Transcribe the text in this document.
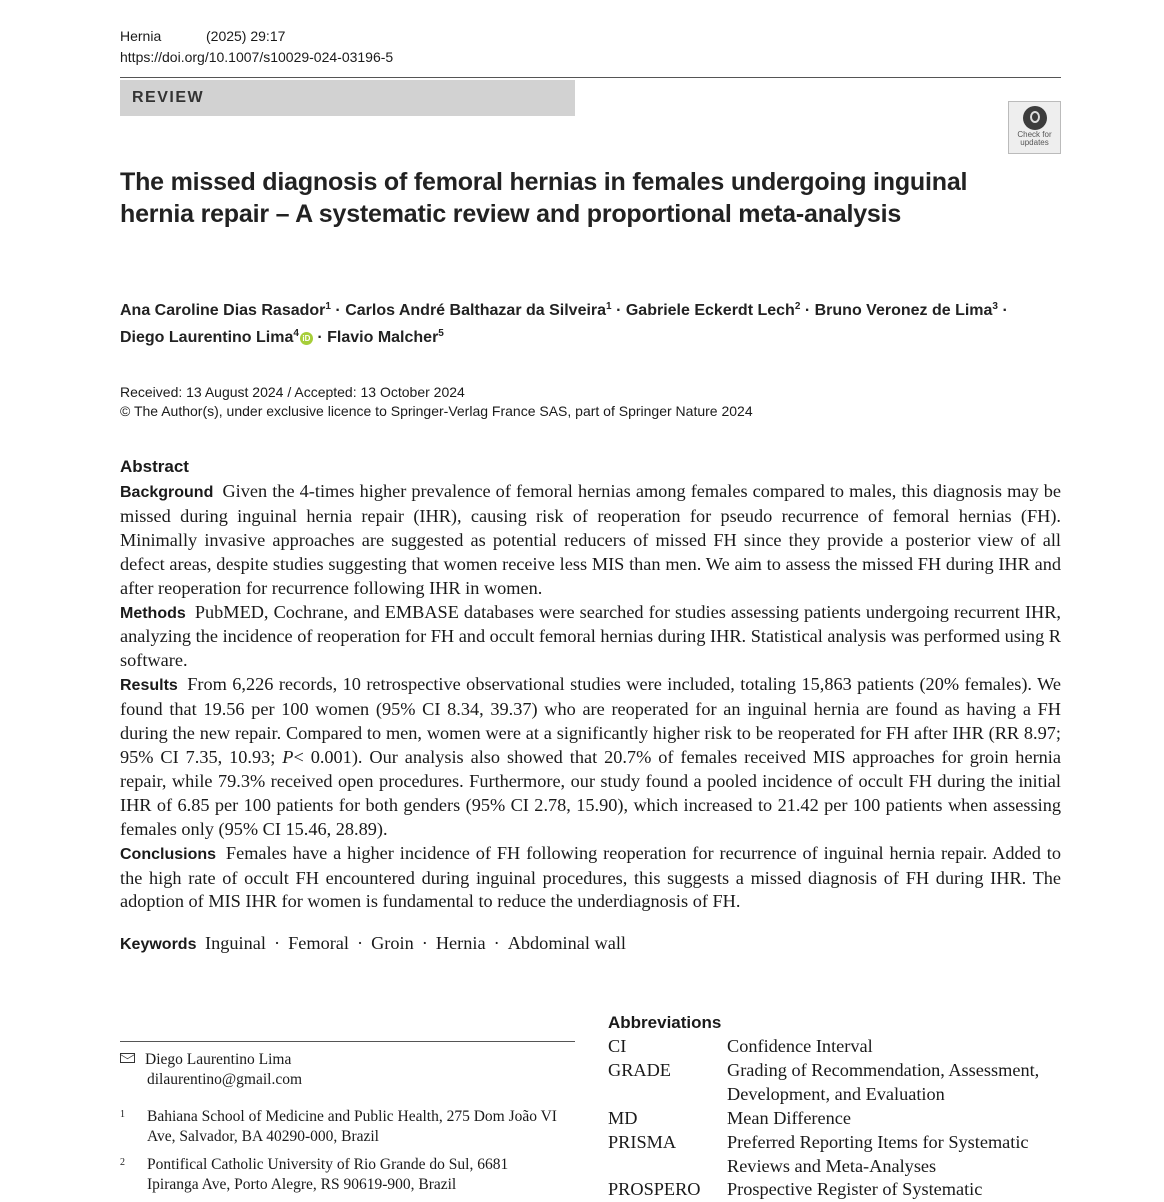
Hernia	(2025) 29:17
https://doi.org/10.1007/s10029-024-03196-5
REVIEW
Check for
updates
The missed diagnosis of femoral hernias in females undergoing inguinal hernia repair – A systematic review and proportional meta-analysis
Ana Caroline Dias Rasador$^1$ · Carlos André Balthazar da Silveira$^1$ · Gabriele Eckerdt Lech$^2$ · Bruno Veronez de Lima$^3$ ·
Diego Laurentino Lima$^4$ iD · Flavio Malcher$^5$
Received: 13 August 2024 / Accepted: 13 October 2024
© The Author(s), under exclusive licence to Springer-Verlag France SAS, part of Springer Nature 2024
Abstract

Background Given the 4-times higher prevalence of femoral hernias among females compared to males, this diagnosis may be missed during inguinal hernia repair (IHR), causing risk of reoperation for pseudo recurrence of femoral hernias (FH). Minimally invasive approaches are suggested as potential reducers of missed FH since they provide a posterior view of all defect areas, despite studies suggesting that women receive less MIS than men. We aim to assess the missed FH during IHR and after reoperation for recurrence following IHR in women.

Methods PubMED, Cochrane, and EMBASE databases were searched for studies assessing patients undergoing recurrent IHR, analyzing the incidence of reoperation for FH and occult femoral hernias during IHR. Statistical analysis was performed using R software.

Results From 6,226 records, 10 retrospective observational studies were included, totaling 15,863 patients (20% females). We found that 19.56 per 100 women (95% CI 8.34, 39.37) who are reoperated for an inguinal hernia are found as having a FH during the new repair. Compared to men, women were at a significantly higher risk to be reoperated for FH after IHR (RR 8.97; 95% CI 7.35, 10.93; P< 0.001). Our analysis also showed that 20.7% of females received MIS approaches for groin hernia repair, while 79.3% received open procedures. Furthermore, our study found a pooled incidence of occult FH during the initial IHR of 6.85 per 100 patients for both genders (95% CI 2.78, 15.90), which increased to 21.42 per 100 patients when assessing females only (95% CI 15.46, 28.89).

Conclusions Females have a higher incidence of FH following reoperation for recurrence of inguinal hernia repair. Added to the high rate of occult FH encountered during inguinal procedures, this suggests a missed diagnosis of FH during IHR. The adoption of MIS IHR for women is fundamental to reduce the underdiagnosis of FH.

Keywords Inguinal · Femoral · Groin · Hernia · Abdominal wall
Diego Laurentino Lima
dilaurentino@gmail.com
1 Bahiana School of Medicine and Public Health, 275 Dom João VI Ave, Salvador, BA 40290-000, Brazil
2 Pontifical Catholic University of Rio Grande do Sul, 6681 Ipiranga Ave, Porto Alegre, RS 90619-900, Brazil
Abbreviations
CI	Confidence Interval
GRADE	Grading of Recommendation, Assessment, Development, and Evaluation
MD	Mean Difference
PRISMA	Preferred Reporting Items for Systematic Reviews and Meta-Analyses
PROSPERO	Prospective Register of Systematic
